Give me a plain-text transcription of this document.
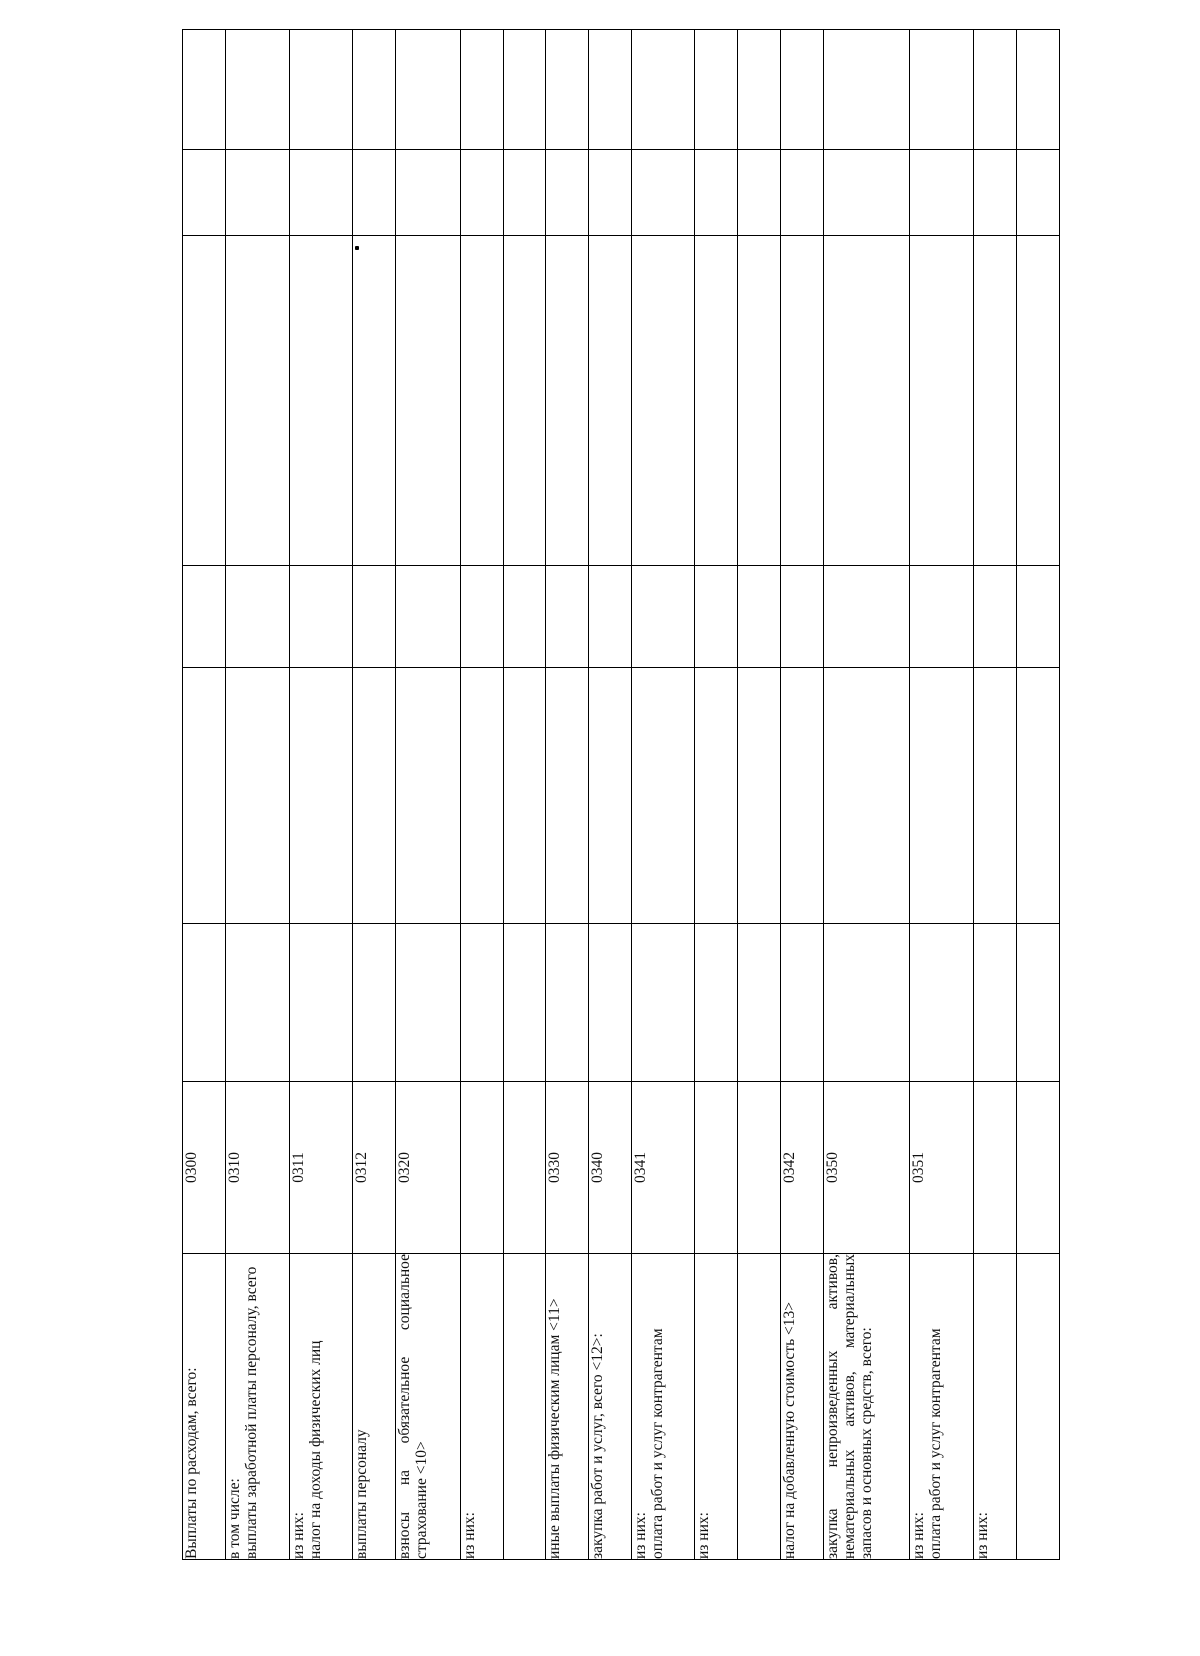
Выплаты по расходам, всего:	0300						

в том числе: выплаты заработной платы персоналу, всего	0310						

из них: налог на доходы физических лиц	0311						

выплаты персоналу	0312						

взносы на обязательное социальное страхование <10>	0320						

из них:							

иные выплаты физическим лицам <11>	0330						

закупка работ и услуг, всего <12>:	0340						

из них: оплата работ и услуг контрагентам	0341						

из них:							

налог на добавленную стоимость <13>	0342						

закупка непроизведенных активов, нематериальных активов, материальных запасов и основных средств, всего:	0350						

из них: оплата работ и услуг контрагентам	0351						

из них:							
